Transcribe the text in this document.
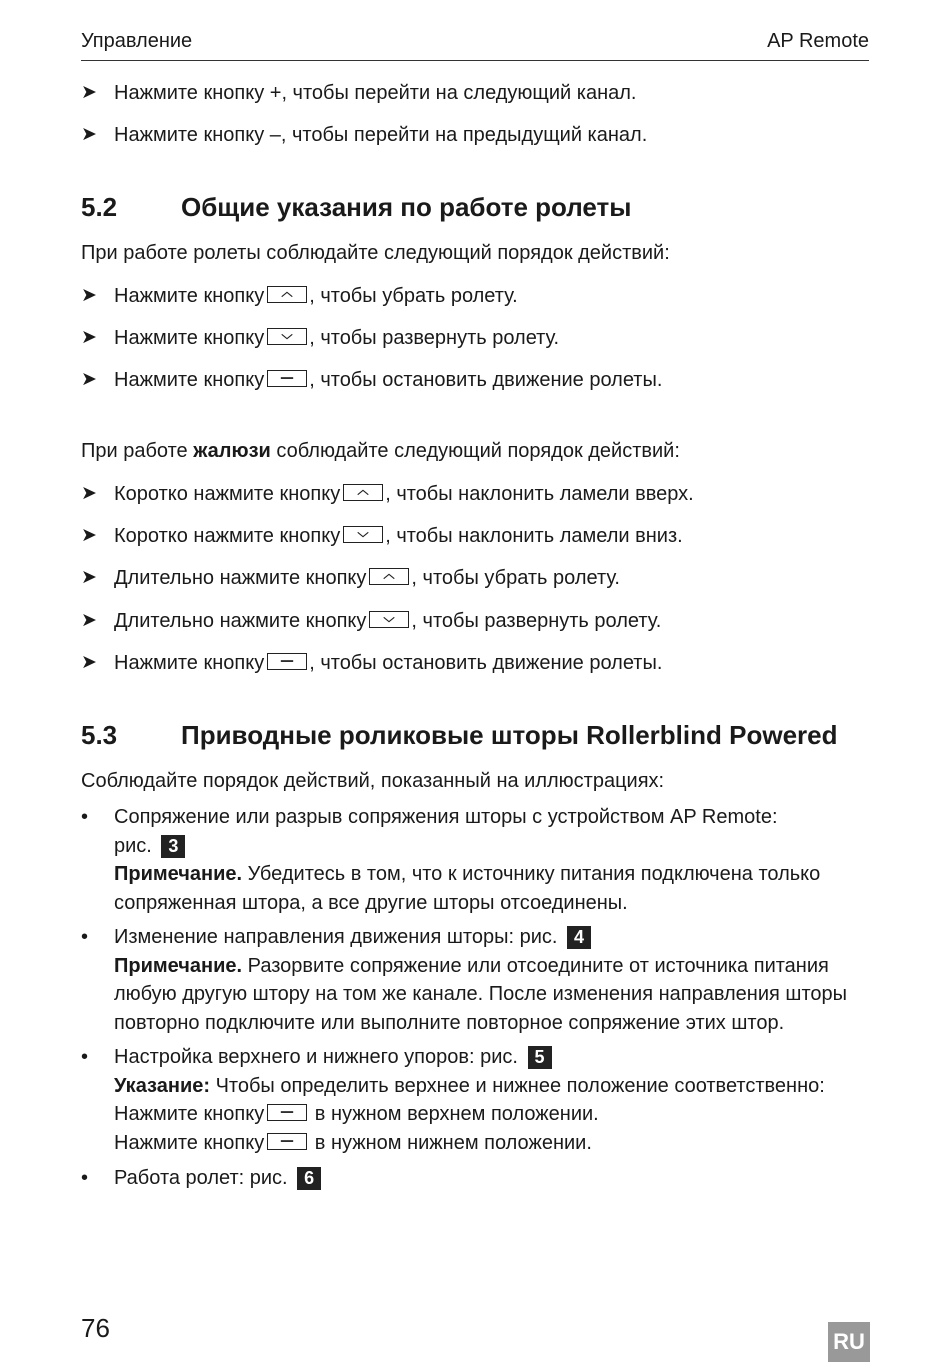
Управление	AP Remote
➤ Нажмите кнопку +, чтобы перейти на следующий канал.
➤ Нажмите кнопку –, чтобы перейти на предыдущий канал.
5.2 Общие указания по работе ролеты
При работе ролеты соблюдайте следующий порядок действий:
➤ Нажмите кнопку , чтобы убрать ролету.
➤ Нажмите кнопку , чтобы развернуть ролету.
➤ Нажмите кнопку , чтобы остановить движение ролеты.
При работе жалюзи соблюдайте следующий порядок действий:
➤ Коротко нажмите кнопку , чтобы наклонить ламели вверх.
➤ Коротко нажмите кнопку , чтобы наклонить ламели вниз.
➤ Длительно нажмите кнопку , чтобы убрать ролету.
➤ Длительно нажмите кнопку , чтобы развернуть ролету.
➤ Нажмите кнопку , чтобы остановить движение ролеты.
5.3 Приводные роликовые шторы Rollerblind Powered
Соблюдайте порядок действий, показанный на иллюстрациях:
• Сопряжение или разрыв сопряжения шторы с устройством AP Remote:
рис. 3
Примечание. Убедитесь в том, что к источнику питания подключена только
сопряженная штора, а все другие шторы отсоединены.
• Изменение направления движения шторы: рис. 4
Примечание. Разорвите сопряжение или отсоедините от источника питания
любую другую штору на том же канале. После изменения направления шторы
повторно подключите или выполните повторное сопряжение этих штор.
• Настройка верхнего и нижнего упоров: рис. 5
Указание: Чтобы определить верхнее и нижнее положение соответственно:
Нажмите кнопку
в нужном верхнем положении.
Нажмите кнопку
в нужном нижнем положении.
• Работа ролет: рис. 6
76	RU
